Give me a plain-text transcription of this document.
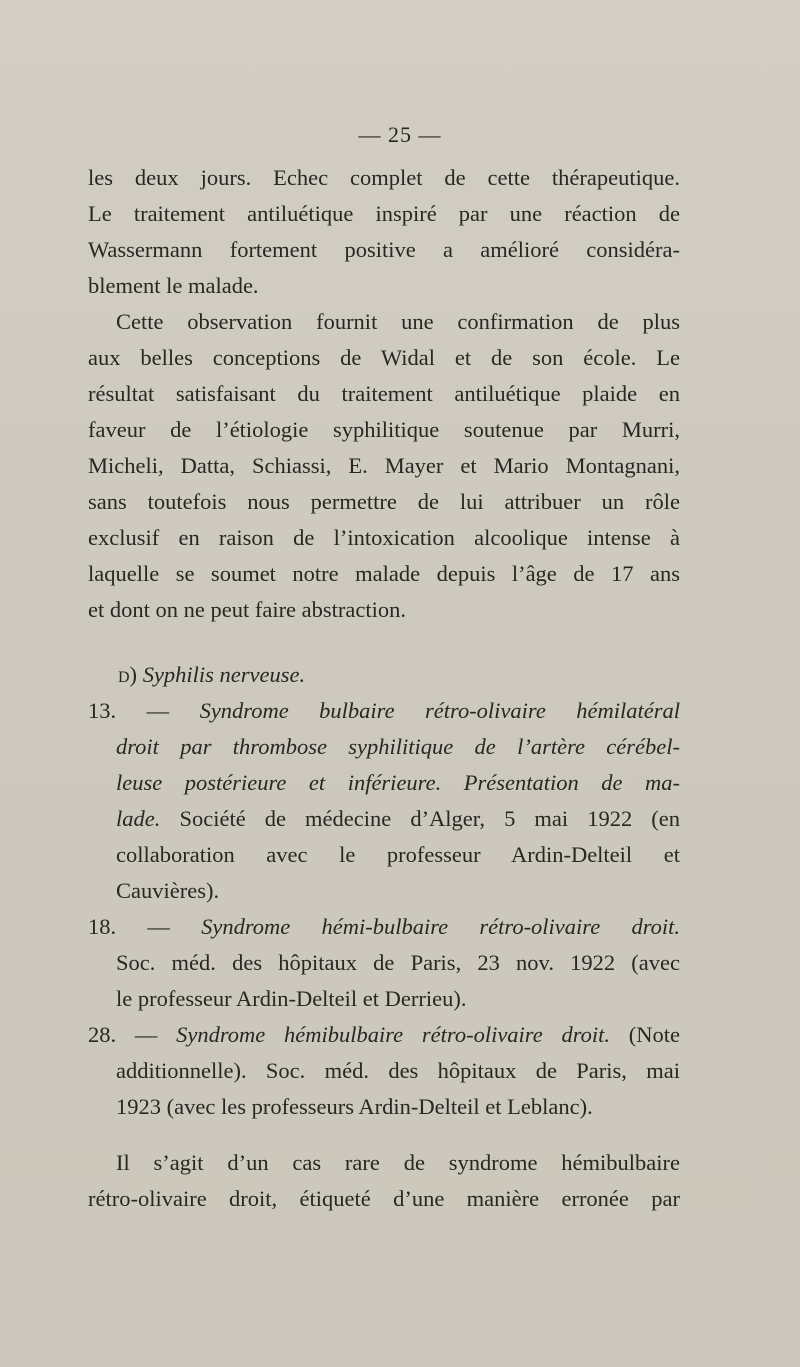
— 25 —
les deux jours. Echec complet de cette thérapeutique.
Le traitement antiluétique inspiré par une réaction de
Wassermann fortement positive a amélioré considéra-
blement le malade.
Cette observation fournit une confirmation de plus
aux belles conceptions de Widal et de son école. Le
résultat satisfaisant du traitement antiluétique plaide en
faveur de l’étiologie syphilitique soutenue par Murri,
Micheli, Datta, Schiassi, E. Mayer et Mario Montagnani,
sans toutefois nous permettre de lui attribuer un rôle
exclusif en raison de l’intoxication alcoolique intense à
laquelle se soumet notre malade depuis l’âge de 17 ans
et dont on ne peut faire abstraction.
d) Syphilis nerveuse.
13. — Syndrome bulbaire rétro-olivaire hémilatéral
droit par thrombose syphilitique de l’artère cérébel-
leuse postérieure et inférieure. Présentation de ma-
lade. Société de médecine d’Alger, 5 mai 1922 (en
collaboration avec le professeur Ardin-Delteil et
Cauvières).
18. — Syndrome hémi-bulbaire rétro-olivaire droit.
Soc. méd. des hôpitaux de Paris, 23 nov. 1922 (avec
le professeur Ardin-Delteil et Derrieu).
28. — Syndrome hémibulbaire rétro-olivaire droit. (Note
additionnelle). Soc. méd. des hôpitaux de Paris, mai
1923 (avec les professeurs Ardin-Delteil et Leblanc).
Il s’agit d’un cas rare de syndrome hémibulbaire
rétro-olivaire droit, étiqueté d’une manière erronée par
